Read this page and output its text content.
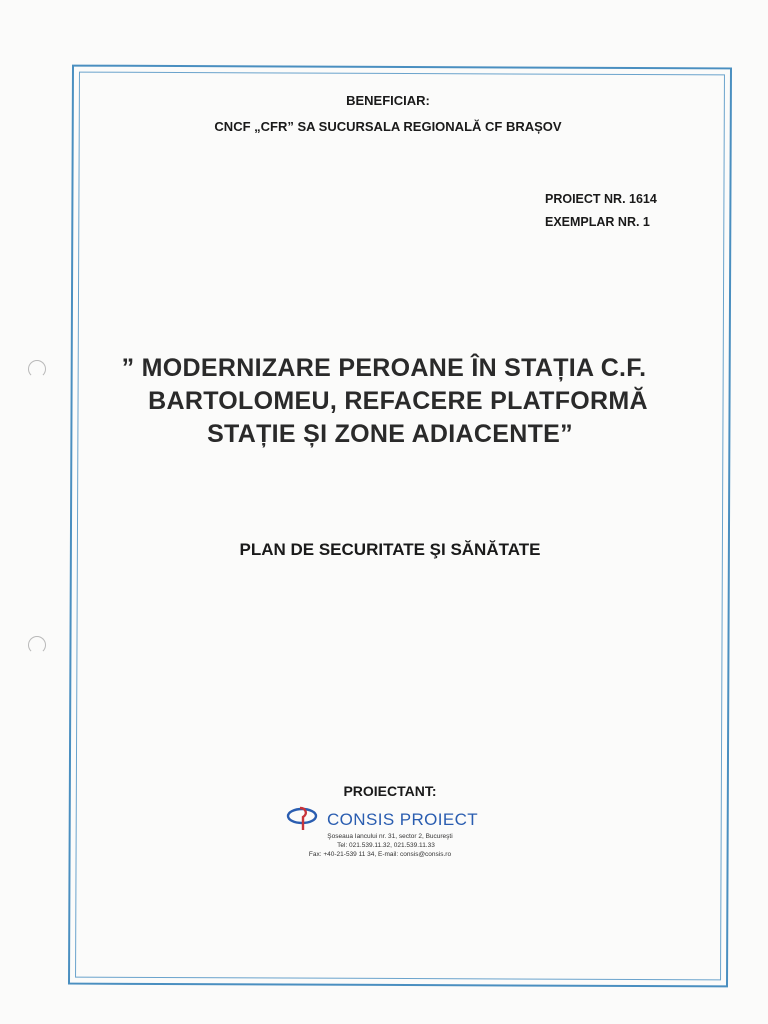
BENEFICIAR:
CNCF „CFR” SA SUCURSALA REGIONALĂ CF BRAȘOV
PROIECT NR. 1614
EXEMPLAR NR. 1
” MODERNIZARE PEROANE ÎN STAȚIA C.F.
BARTOLOMEU, REFACERE PLATFORMĂ
STAȚIE ȘI ZONE ADIACENTE”
PLAN DE SECURITATE ŞI SĂNĂTATE
PROIECTANT:
CONSIS PROIECT
Şoseaua Iancului nr. 31, sector 2, Bucureşti
Tel: 021.539.11.32, 021.539.11.33
Fax: +40-21-539 11 34, E-mail: consis@consis.ro
